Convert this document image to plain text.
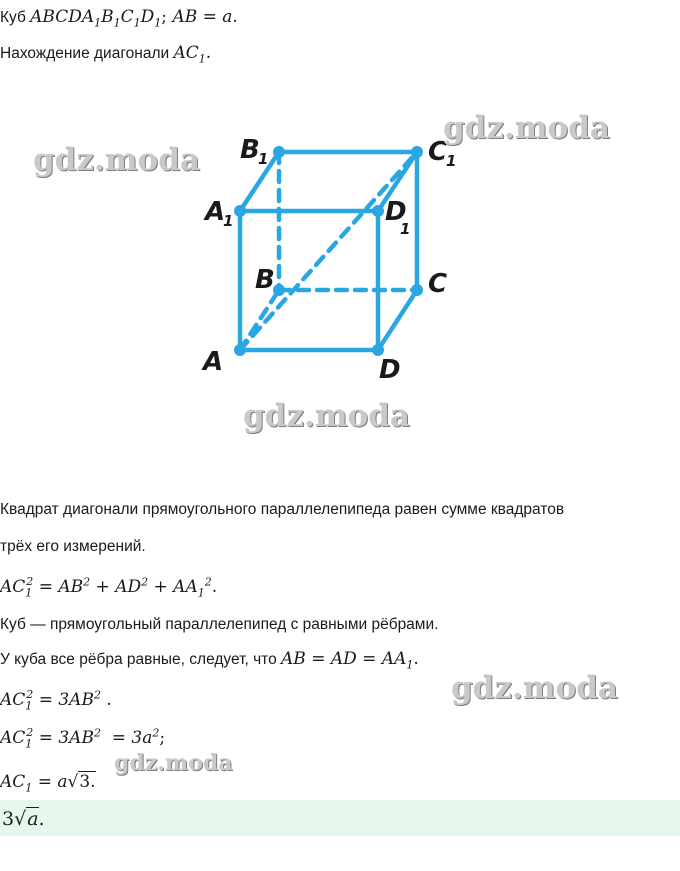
Куб $ABCDA_1B_1C_1D_1$; AB = a.
Нахождение диагонали $AC_1$.
A	D
B	C
A
1
B
1
D
1
C
1
gdz.moda
gdz.moda
gdz.moda
gdz.moda
gdz.moda
Квадрат диагонали прямоугольного параллелепипеда равен сумме квадратов
трёх его измерений.
$AC_1^2 = AB^2 + AD^2 + AA_1^2$.
Куб — прямоугольный параллелепипед с равными рёбрами.
У куба все рёбра равные, следует, что AB = AD = $AA_1$.
$AC_1^2 = 3AB^2$ .
$AC_1^2 = 3AB^2 = 3a^2$;
$AC_1 = a√3$.
3√a.
